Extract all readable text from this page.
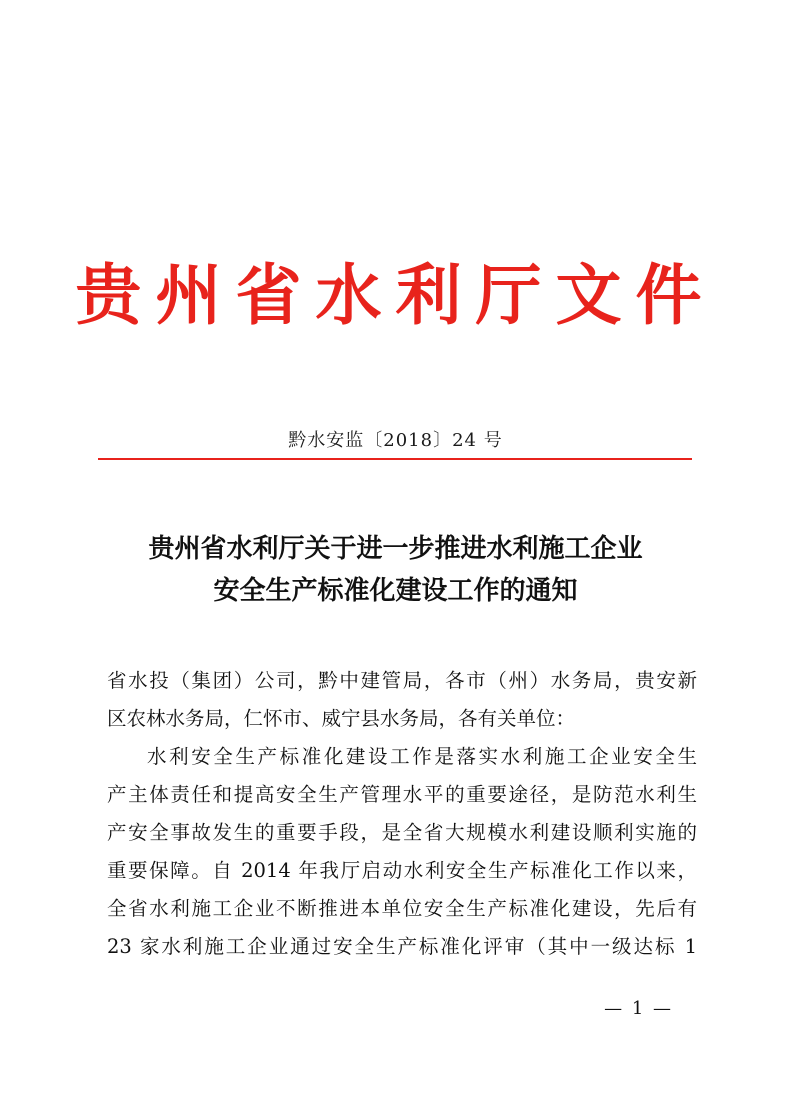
贵州省水利厅文件
黔水安监〔2018〕24 号
贵州省水利厅关于进一步推进水利施工企业
安全生产标准化建设工作的通知
省水投（集团）公司，黔中建管局，各市（州）水务局，贵安新
区农林水务局，仁怀市、威宁县水务局，各有关单位：
水利安全生产标准化建设工作是落实水利施工企业安全生
产主体责任和提高安全生产管理水平的重要途径，是防范水利生
产安全事故发生的重要手段，是全省大规模水利建设顺利实施的
重要保障。自 2014 年我厅启动水利安全生产标准化工作以来，
全省水利施工企业不断推进本单位安全生产标准化建设，先后有
23 家水利施工企业通过安全生产标准化评审（其中一级达标 1
— 1 —
